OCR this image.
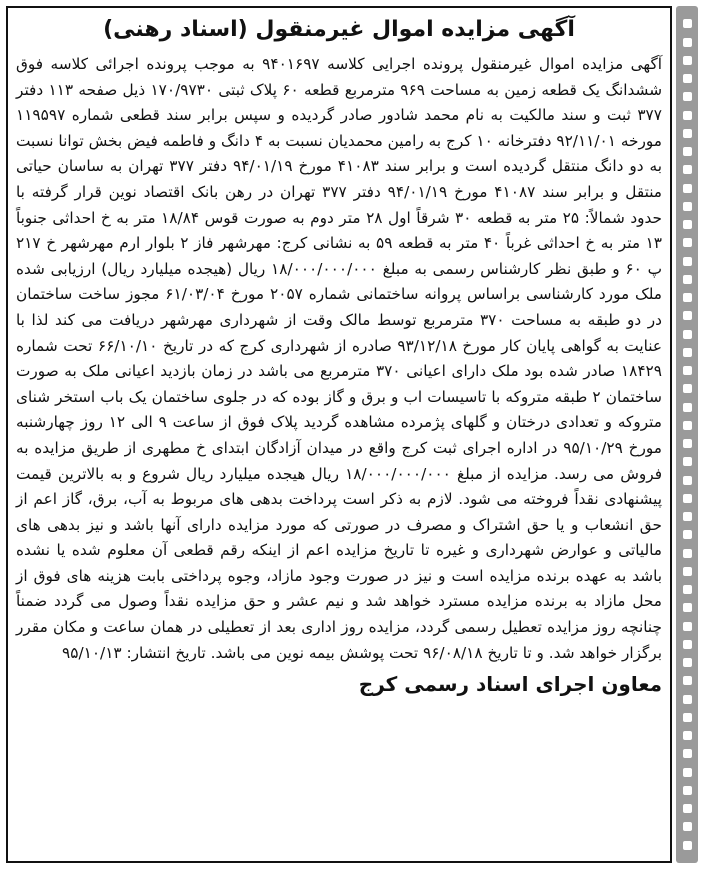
آگهی مزایده اموال غیرمنقول (اسناد رهنی)

آگهی مزایده اموال غیرمنقول پرونده اجرایی کلاسه ۹۴۰۱۶۹۷ به موجب پرونده اجرائی کلاسه فوق ششدانگ یک قطعه زمین به مساحت ۹۶۹ مترمربع قطعه ۶۰ پلاک ثبتی ۱۷۰/۹۷۳۰ ذیل صفحه ۱۱۳ دفتر ۳۷۷ ثبت و سند مالکیت به نام محمد شادور صادر گردیده و سپس برابر سند قطعی شماره ۱۱۹۵۹۷ مورخه ۹۲/۱۱/۰۱ دفترخانه ۱۰ کرج به رامین محمدیان نسبت به ۴ دانگ و فاطمه فیض بخش توانا نسبت به دو دانگ منتقل گردیده است و برابر سند ۴۱۰۸۳ مورخ ۹۴/۰۱/۱۹ دفتر ۳۷۷ تهران به ساسان حیاتی منتقل و برابر سند ۴۱۰۸۷ مورخ ۹۴/۰۱/۱۹ دفتر ۳۷۷ تهران در رهن بانک اقتصاد نوین قرار گرفته با حدود شمالاً: ۲۵ متر به قطعه ۳۰ شرقاً اول ۲۸ متر دوم به صورت قوس ۱۸/۸۴ متر به خ احداثی جنوباً ۱۳ متر به خ احداثی غرباً ۴۰ متر به قطعه ۵۹ به نشانی کرج: مهرشهر فاز ۲ بلوار ارم مهرشهر خ ۲۱۷ پ ۶۰ و طبق نظر کارشناس رسمی به مبلغ ۱۸/۰۰۰/۰۰۰/۰۰۰ ریال (هیجده میلیارد ریال) ارزیابی شده ملک مورد کارشناسی براساس پروانه ساختمانی شماره ۲۰۵۷ مورخ ۶۱/۰۳/۰۴ مجوز ساخت ساختمان در دو طبقه به مساحت ۳۷۰ مترمربع توسط مالک وقت از شهرداری مهرشهر دریافت می کند لذا با عنایت به گواهی پایان کار مورخ ۹۳/۱۲/۱۸ صادره از شهرداری کرج که در تاریخ ۶۶/۱۰/۱۰ تحت شماره ۱۸۴۲۹ صادر شده بود ملک دارای اعیانی ۳۷۰ مترمربع می باشد در زمان بازدید اعیانی ملک به صورت ساختمان ۲ طبقه متروکه با تاسیسات اب و برق و گاز بوده که در جلوی ساختمان یک باب استخر شنای متروکه و تعدادی درختان و گلهای پژمرده مشاهده گردید پلاک فوق از ساعت ۹ الی ۱۲ روز چهارشنبه مورخ ۹۵/۱۰/۲۹ در اداره اجرای ثبت کرج واقع در میدان آزادگان ابتدای خ مطهری از طریق مزایده به فروش می رسد. مزایده از مبلغ ۱۸/۰۰۰/۰۰۰/۰۰۰ ریال هیجده میلیارد ریال شروع و به بالاترین قیمت پیشنهادی نقداً فروخته می شود. لازم به ذکر است پرداخت بدهی های مربوط به آب، برق، گاز اعم از حق انشعاب و یا حق اشتراک و مصرف در صورتی که مورد مزایده دارای آنها باشد و نیز بدهی های مالیاتی و عوارض شهرداری و غیره تا تاریخ مزایده اعم از اینکه رقم قطعی آن معلوم شده یا نشده باشد به عهده برنده مزایده است و نیز در صورت وجود مازاد، وجوه پرداختی بابت هزینه های فوق از محل مازاد به برنده مزایده مسترد خواهد شد و نیم عشر و حق مزایده نقداً وصول می گردد ضمناً چنانچه روز مزایده تعطیل رسمی گردد، مزایده روز اداری بعد از تعطیلی در همان ساعت و مکان مقرر برگزار خواهد شد. و تا تاریخ ۹۶/۰۸/۱۸ تحت پوشش بیمه نوین می باشد. تاریخ انتشار: ۹۵/۱۰/۱۳

معاون اجرای اسناد رسمی کرج
